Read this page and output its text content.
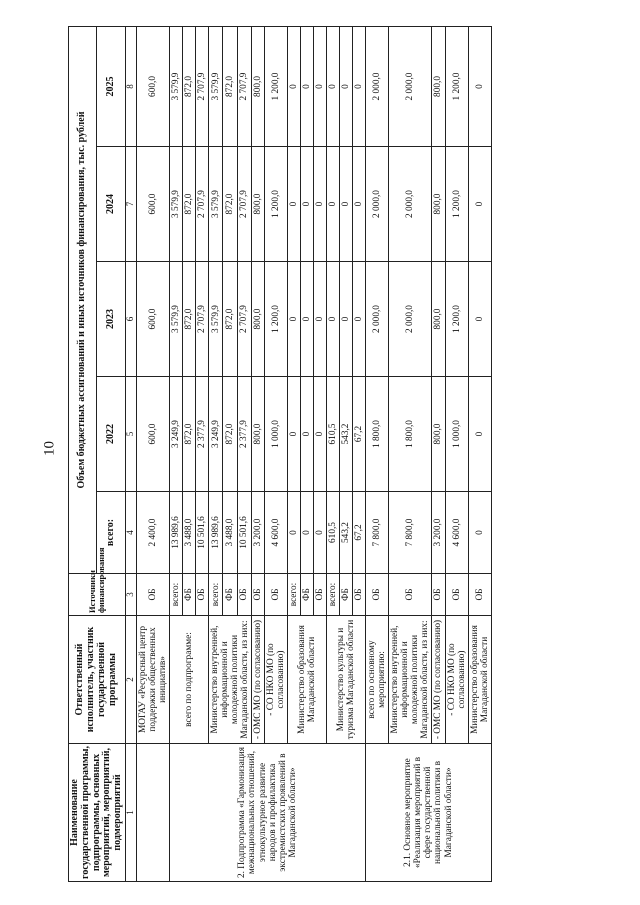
10
Наименование государственной программы, подпрограммы, основных мероприятий, мероприятий, подмероприятий	Ответственный исполнитель, участник государственной программы	Источники финансирования	Объем бюджетных ассигнований и иных источников финансирования, тыс. рублей				
			всего:	2022	2023	2024	2025
1	2	3	4	5	6	7	8
	МОГАУ «Ресурсный центр поддержки общественных инициатив»	ОБ	2 400,0	600,0	600,0	600,0	600,0
2. Подпрограмма «Гармонизация межнациональных отношений, этнокультурное развитие народов и профилактика экстремистских проявлений в Магаданской области»	всего по подпрограмме:	всего:	13 989,6	3 249,9	3 579,9	3 579,9	3 579,9
		ФБ	3 488,0	872,0	872,0	872,0	872,0
		ОБ	10 501,6	2 377,9	2 707,9	2 707,9	2 707,9
	Министерство внутренней, информационной и молодежной политики Магаданской области, из них:	всего:	13 989,6	3 249,9	3 579,9	3 579,9	3 579,9
		ФБ	3 488,0	872,0	872,0	872,0	872,0
		ОБ	10 501,6	2 377,9	2 707,9	2 707,9	2 707,9
	- ОМС МО (по согласованию)	ОБ	3 200,0	800,0	800,0	800,0	800,0
	- СО НКО МО (по согласованию)	ОБ	4 600,0	1 000,0	1 200,0	1 200,0	1 200,0
	Министерство образования Магаданской области	всего:	0	0	0	0	0
		ФБ	0	0	0	0	0
		ОБ	0	0	0	0	0
	Министерство культуры и туризма Магаданской области	всего:	610,5	610,5	0	0	0
		ФБ	543,2	543,2	0	0	0
		ОБ	67,2	67,2	0	0	0
2.1. Основное мероприятие «Реализация мероприятий в сфере государственной национальной политики в Магаданской области»	всего по основному мероприятию:	ОБ	7 800,0	1 800,0	2 000,0	2 000,0	2 000,0
	Министерство внутренней, информационной и молодежной политики Магаданской области, из них:	ОБ	7 800,0	1 800,0	2 000,0	2 000,0	2 000,0
	- ОМС МО (по согласованию)	ОБ	3 200,0	800,0	800,0	800,0	800,0
	- СО НКО МО (по согласованию)	ОБ	4 600,0	1 000,0	1 200,0	1 200,0	1 200,0
	Министерство образования Магаданской области	ОБ	0	0	0	0	0
